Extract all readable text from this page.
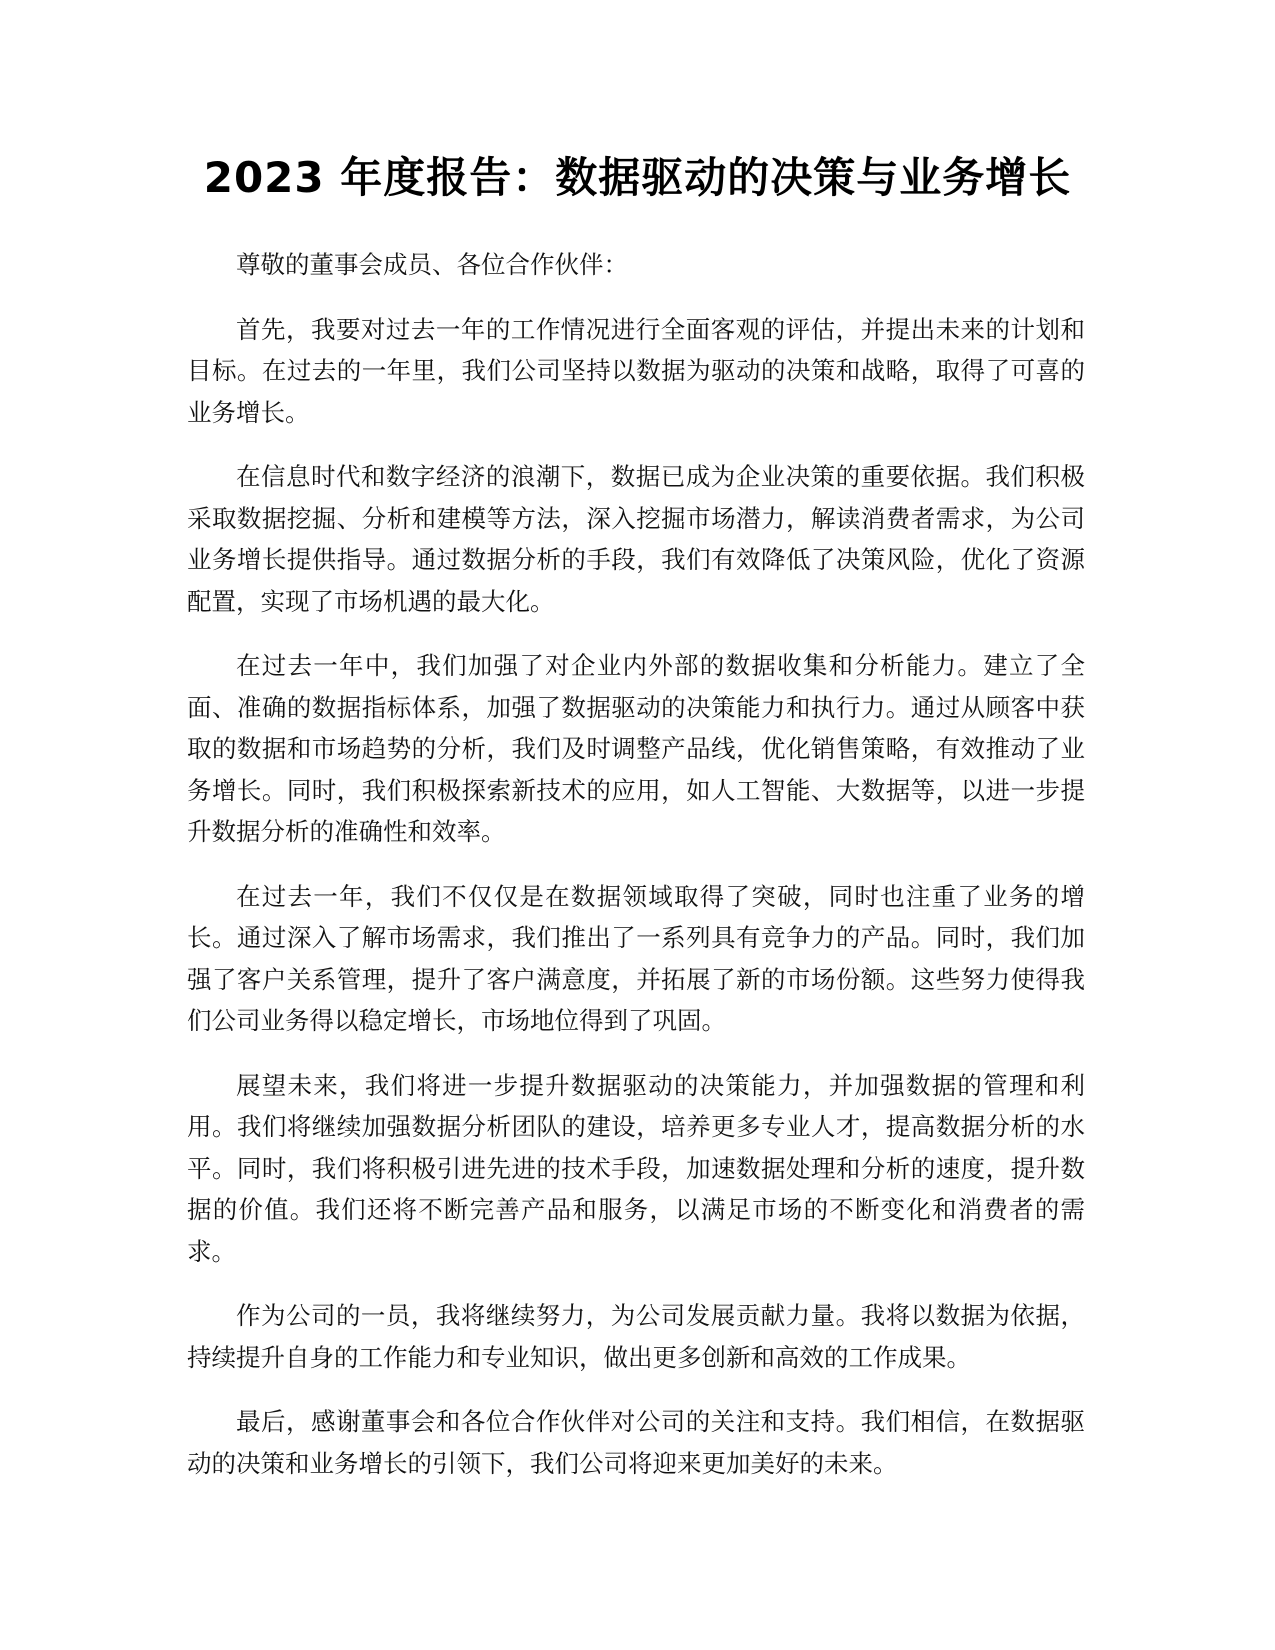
2023 年度报告：数据驱动的决策与业务增长

尊敬的董事会成员、各位合作伙伴：

首先，我要对过去一年的工作情况进行全面客观的评估，并提出未来的计划和目标。在过去的一年里，我们公司坚持以数据为驱动的决策和战略，取得了可喜的业务增长。

在信息时代和数字经济的浪潮下，数据已成为企业决策的重要依据。我们积极采取数据挖掘、分析和建模等方法，深入挖掘市场潜力，解读消费者需求，为公司业务增长提供指导。通过数据分析的手段，我们有效降低了决策风险，优化了资源配置，实现了市场机遇的最大化。

在过去一年中，我们加强了对企业内外部的数据收集和分析能力。建立了全面、准确的数据指标体系，加强了数据驱动的决策能力和执行力。通过从顾客中获取的数据和市场趋势的分析，我们及时调整产品线，优化销售策略，有效推动了业务增长。同时，我们积极探索新技术的应用，如人工智能、大数据等，以进一步提升数据分析的准确性和效率。

在过去一年，我们不仅仅是在数据领域取得了突破，同时也注重了业务的增长。通过深入了解市场需求，我们推出了一系列具有竞争力的产品。同时，我们加强了客户关系管理，提升了客户满意度，并拓展了新的市场份额。这些努力使得我们公司业务得以稳定增长，市场地位得到了巩固。

展望未来，我们将进一步提升数据驱动的决策能力，并加强数据的管理和利用。我们将继续加强数据分析团队的建设，培养更多专业人才，提高数据分析的水平。同时，我们将积极引进先进的技术手段，加速数据处理和分析的速度，提升数据的价值。我们还将不断完善产品和服务，以满足市场的不断变化和消费者的需求。

作为公司的一员，我将继续努力，为公司发展贡献力量。我将以数据为依据，持续提升自身的工作能力和专业知识，做出更多创新和高效的工作成果。

最后，感谢董事会和各位合作伙伴对公司的关注和支持。我们相信，在数据驱动的决策和业务增长的引领下，我们公司将迎来更加美好的未来。
